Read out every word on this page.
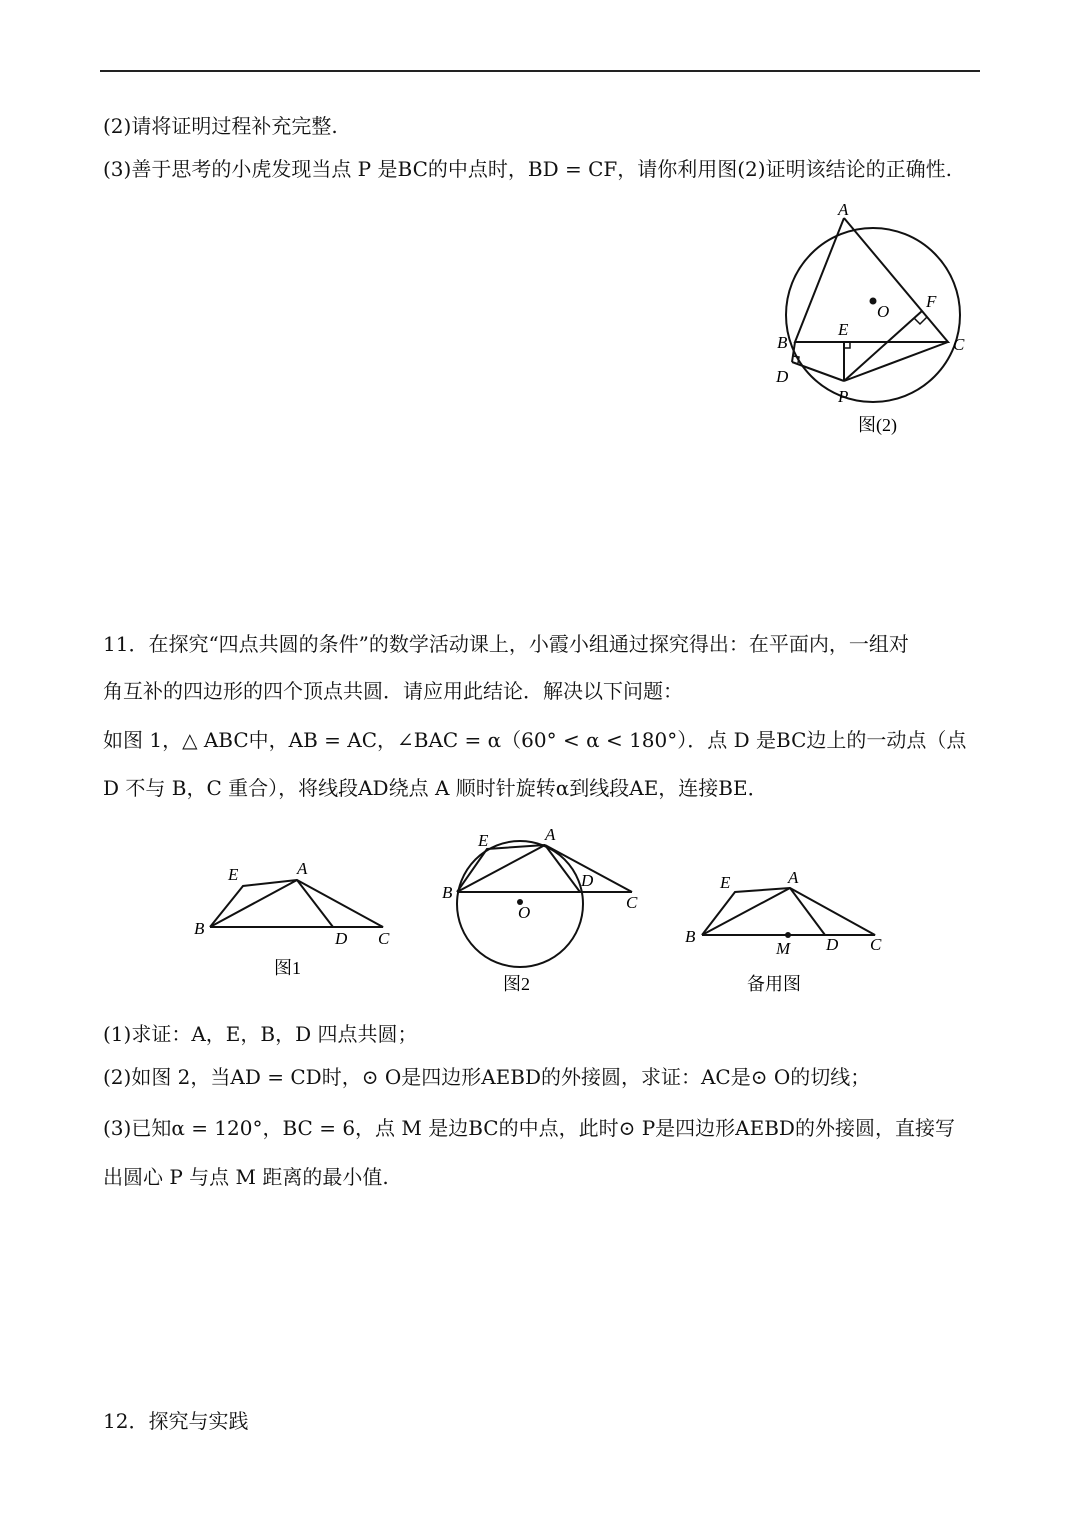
(2)请将证明过程补充完整.
(3)善于思考的小虎发现当点 P 是BC的中点时，BD = CF，请你利用图(2)证明该结论的正确性.
A
O
F
E
B	C
D
P
图(2)
11．在探究“四点共圆的条件”的数学活动课上，小霞小组通过探究得出：在平面内，一组对
角互补的四边形的四个顶点共圆．请应用此结论．解决以下问题：
如图 1，△ ABC中，AB = AC，∠BAC = α（60° < α < 180°）．点 D 是BC边上的一动点（点
D 不与 B，C 重合），将线段AD绕点 A 顺时针旋转α到线段AE，连接BE．
E	A
B
D C
图1
E	A
B
D
C
O
图2
E	A
B
M D C
备用图
(1)求证：A，E，B，D 四点共圆；
(2)如图 2，当AD = CD时，⊙ O是四边形AEBD的外接圆，求证：AC是⊙ O的切线；
(3)已知α = 120°，BC = 6，点 M 是边BC的中点，此时⊙ P是四边形AEBD的外接圆，直接写
出圆心 P 与点 M 距离的最小值.
12．探究与实践
